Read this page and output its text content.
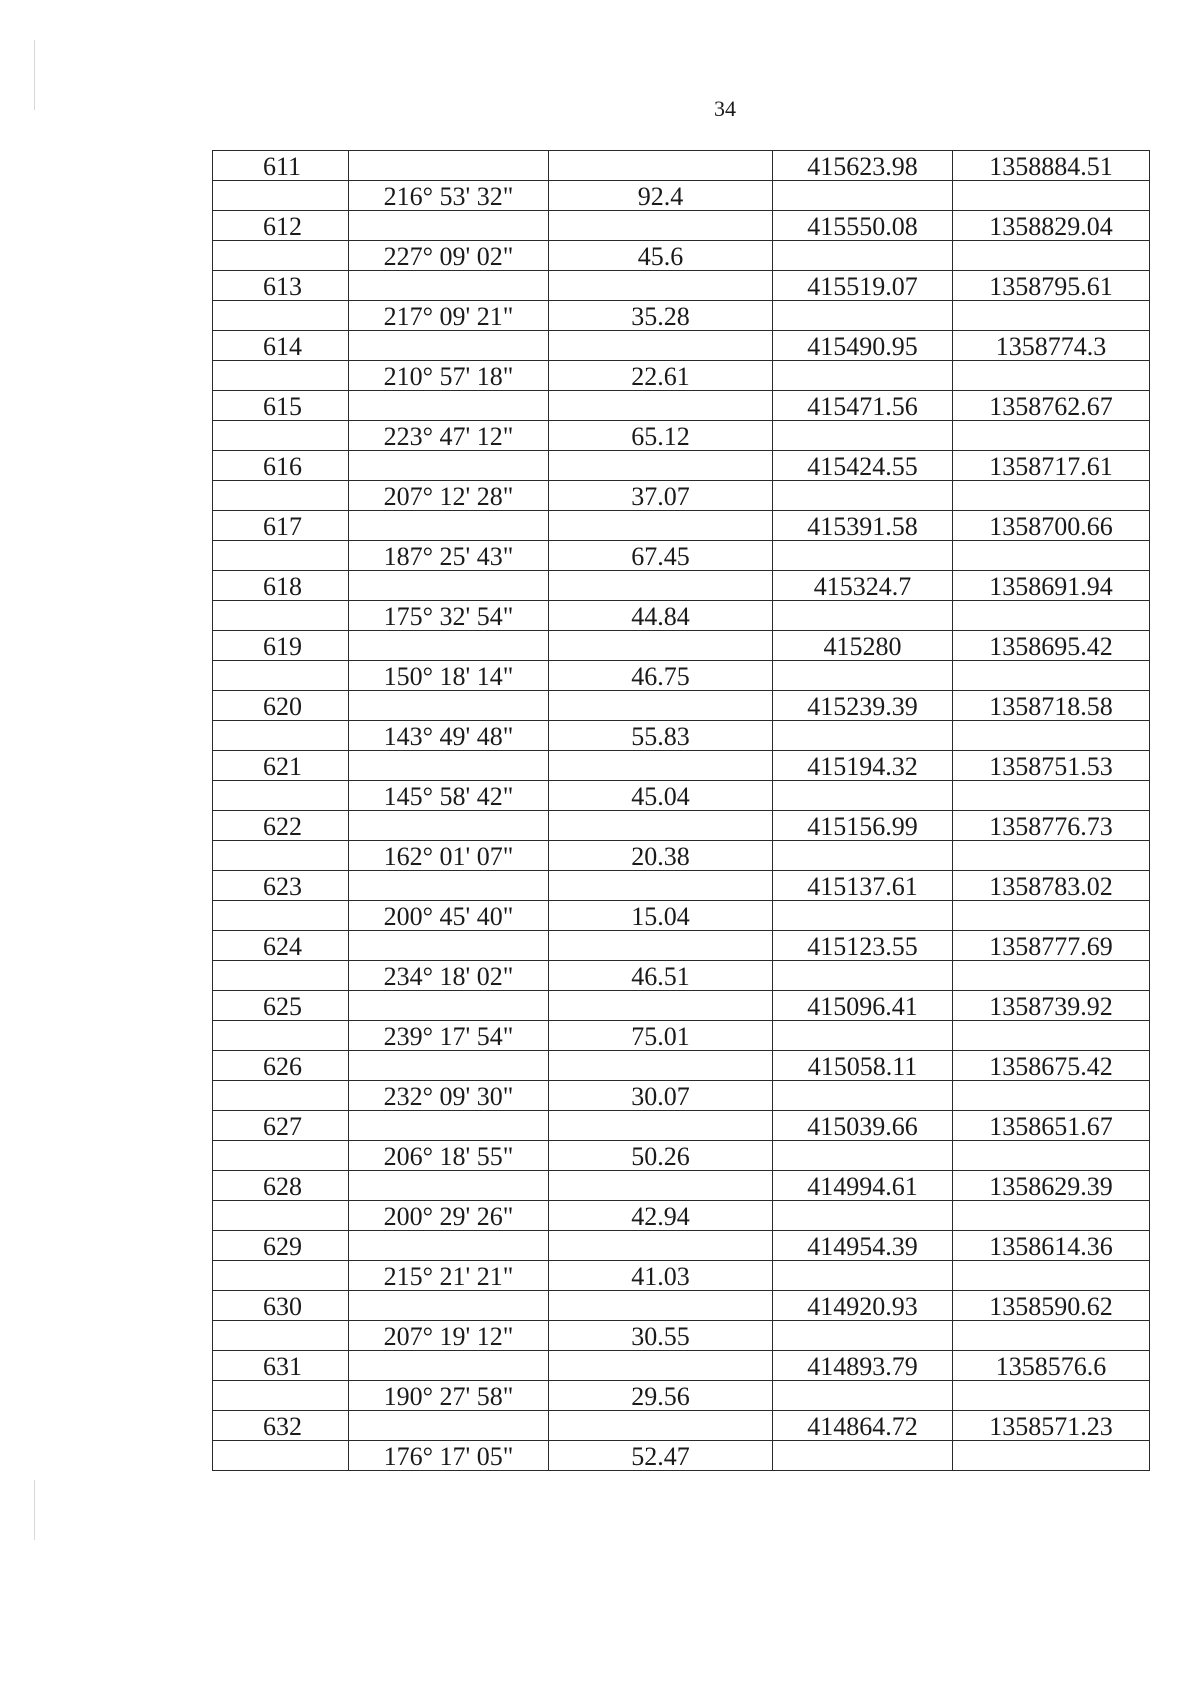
34
611			415623.98	1358884.51
	216° 53' 32"	92.4		
612			415550.08	1358829.04
	227° 09' 02"	45.6		
613			415519.07	1358795.61
	217° 09' 21"	35.28		
614			415490.95	1358774.3
	210° 57' 18"	22.61		
615			415471.56	1358762.67
	223° 47' 12"	65.12		
616			415424.55	1358717.61
	207° 12' 28"	37.07		
617			415391.58	1358700.66
	187° 25' 43"	67.45		
618			415324.7	1358691.94
	175° 32' 54"	44.84		
619			415280	1358695.42
	150° 18' 14"	46.75		
620			415239.39	1358718.58
	143° 49' 48"	55.83		
621			415194.32	1358751.53
	145° 58' 42"	45.04		
622			415156.99	1358776.73
	162° 01' 07"	20.38		
623			415137.61	1358783.02
	200° 45' 40"	15.04		
624			415123.55	1358777.69
	234° 18' 02"	46.51		
625			415096.41	1358739.92
	239° 17' 54"	75.01		
626			415058.11	1358675.42
	232° 09' 30"	30.07		
627			415039.66	1358651.67
	206° 18' 55"	50.26		
628			414994.61	1358629.39
	200° 29' 26"	42.94		
629			414954.39	1358614.36
	215° 21' 21"	41.03		
630			414920.93	1358590.62
	207° 19' 12"	30.55		
631			414893.79	1358576.6
	190° 27' 58"	29.56		
632			414864.72	1358571.23
	176° 17' 05"	52.47		
